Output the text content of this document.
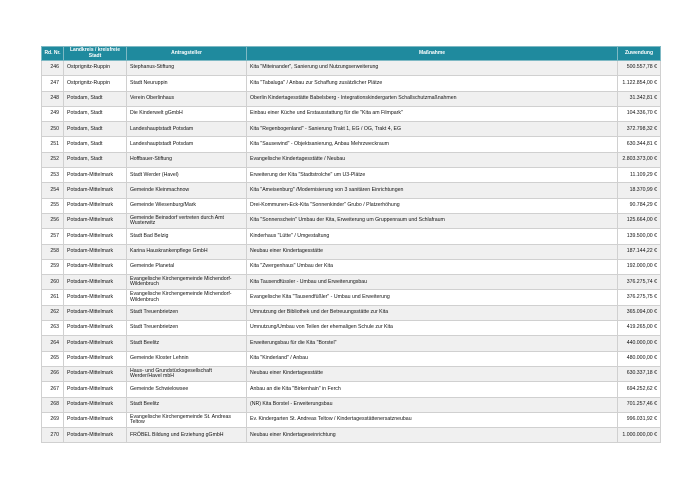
Rd. Nr.	Landkreis / kreisfreie Stadt	Antragsteller	Maßnahme	Zuwendung
246	Ostprignitz-Ruppin	Stephanus-Stiftung	Kita "Miteinander", Sanierung und Nutzungserweiterung	500.557,78 €
247	Ostprignitz-Ruppin	Stadt Neuruppin	Kita "Tabaluga" / Anbau zur Schaffung zusätzlicher Plätze	1.122.854,00 €
248	Potsdam, Stadt	Verein Oberlinhaus	Oberlin Kindertagesstätte Babelsberg - Integrationskindergarten Schallschutzmaßnahmen	31.342,81 €
249	Potsdam, Stadt	Die Kinderwelt gGmbH	Einbau einer Küche und Erstausstattung für die "Kita am Filmpark"	104.336,70 €
250	Potsdam, Stadt	Landeshauptstadt Potsdam	Kita "Regenbogenland" - Sanierung Trakt 1, EG / OG, Trakt 4, EG	372.798,32 €
251	Potsdam, Stadt	Landeshauptstadt Potsdam	Kita "Sausewind" - Objektsanierung, Anbau Mehrzweckraum	630.344,81 €
252	Potsdam, Stadt	Hoffbauer-Stiftung	Evangelische Kindertagesstätte / Neubau	2.803.373,00 €
253	Potsdam-Mittelmark	Stadt Werder (Havel)	Erweiterung der Kita "Stadtstrolche" um U3-Plätze	11.109,29 €
254	Potsdam-Mittelmark	Gemeinde Kleinmachnow	Kita "Ameisenburg" /Modernisierung von 3 sanitären Einrichtungen	18.370,99 €
255	Potsdam-Mittelmark	Gemeinde Wiesenburg/Mark	Drei-Kommunen-Eck-Kita "Sonnenkinder" Grubo / Platzerhöhung	90.784,29 €
256	Potsdam-Mittelmark	Gemeinde Beinsdorf vertreten durch Amt Wusterwitz	Kita "Sonnenschein" Umbau der Kita, Erweiterung um Gruppenraum und Schlafraum	125.664,00 €
257	Potsdam-Mittelmark	Stadt Bad Belzig	Kinderhaus "Lütte" / Umgestaltung	139.500,00 €
258	Potsdam-Mittelmark	Karina Hauskrankenpflege GmbH	Neubau einer Kindertagesstätte	187.144,22 €
259	Potsdam-Mittelmark	Gemeinde Planetal	Kita "Zwergenhaus" Umbau der Kita	192.000,00 €
260	Potsdam-Mittelmark	Evangelische Kirchengemeinde Michendorf-Wildenbruch	Kita Tausendfüssler - Umbau und Erweiterungsbau	376.275,74 €
261	Potsdam-Mittelmark	Evangelische Kirchengemeinde Michendorf-Wildenbruch	Evangelische Kita "Tausendfüßler" - Umbau und Erweiterung	376.275,75 €
262	Potsdam-Mittelmark	Stadt Treuenbrietzen	Umnutzung der Bibliothek und der Betreuungsstätte zur Kita	365.094,00 €
263	Potsdam-Mittelmark	Stadt Treuenbrietzen	Umnutzung/Umbau von Teilen der ehemaligen Schule zur Kita	419.265,00 €
264	Potsdam-Mittelmark	Stadt Beelitz	Erweiterungsbau für die Kita "Borstel"	440.000,00 €
265	Potsdam-Mittelmark	Gemeinde Kloster Lehnin	Kita "Kinderland" / Anbau	480.000,00 €
266	Potsdam-Mittelmark	Haus- und Grundstücksgesellschaft Werder/Havel mbH	Neubau einer Kindertagesstätte	630.337,18 €
267	Potsdam-Mittelmark	Gemeinde Schwielowsee	Anbau an die Kita "Birkenhain" in Ferch	694.252,62 €
268	Potsdam-Mittelmark	Stadt Beelitz	(NR) Kita Borstel - Erweiterungsbau	701.257,46 €
269	Potsdam-Mittelmark	Evangelische Kirchengemeinde St. Andreas Teltow	Ev. Kindergarten St. Andreas Teltow / Kindertagesstättenersatzneubau	996.031,92 €
270	Potsdam-Mittelmark	FRÖBEL Bildung und Erziehung gGmbH	Neubau einer Kindertageseinrichtung	1.000.000,00 €
